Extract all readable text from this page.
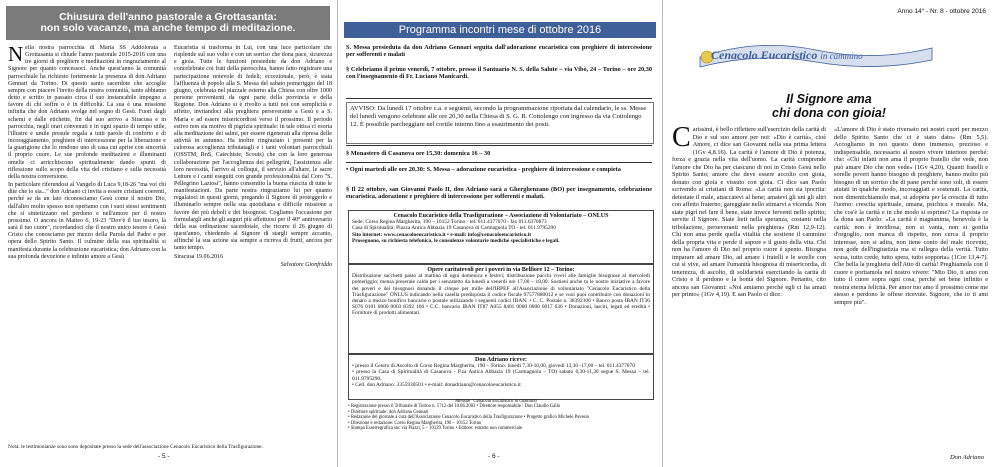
Chiusura dell'anno pastorale a Grottasanta:
non solo vacanze, ma anche tempo di meditazione.

Nella nostra parrocchia di Maria SS Addolorata a Grottasanta si chiude l'anno pastorale 2015-2016 con una tre giorni di preghiere e meditazioni in ringraziamento al Signore per quanto concessoci. Anche quest'anno la comunità parrocchiale ha richiesto fortemente la presenza di don Adriano Gennari da Torino. Di questo santo sacerdote che accoglie sempre con piacere l'invito della nostra comunità, tanto abbiamo detto e scritto in passato circa il suo instancabile impegno a favore di chi soffre o è in difficoltà. La sua è una missione infinita che don Adriano svolge nel segno di Gesù. Fuori dagli schemi e dalle etichette, fin dal suo arrivo a Siracusa e in parrocchia, negli orari convenuti e in ogni spazio di tempo utile, l'illustre e umile presule regala a tutti parole di conforto e di incoraggiamento, preghiere di intercessione per la liberazione e la guarigione che lo rendono uno di casa cui aprire con sincerità il proprio cuore. Le sue profonde meditazioni e illuminanti omelie ci arricchiscono spiritualmente dando spunti di riflessione sullo scopo della vita del cristiano e sulla necessità della nostra conversione.

In particolare riferendosi al Vangelo di Luca 9,18-26 "ma voi chi dite che io sia..." don Adriano ci invita a essere cristiani coerenti, perché se da un lato riconosciamo Gesù come il nostro Dio, dall'altro molto spesso non operiamo con i suoi stessi sentimenti che si sintetizzano nel perdono e nell'amore per il nostro prossimo. O ancora in Matteo 6, 19-23 "Dov'è il tuo tesoro, là sarà il tuo cuore", ricordandoci che il nostro unico tesoro è Gesù Cristo che conosciamo per mezzo della Parola del Padre e per opera dello Spirito Santo. Il culmine della sua spiritualità si manifesta durante la celebrazione eucaristica; don Adriano con la sua profonda devozione e infinito amore a Gesù

Eucaristia si trasforma in Lui, con una luce particolare che risplende sul suo volto e con un sorriso che dona pace, sicurezza e gioia. Tutte le funzioni presiedute da don Adriano e concelebrate coi frati della parrocchia, hanno fatto registrare una partecipazione notevole di fedeli; eccezionale, però, è stata l'affluenza di popolo alla S. Messa del sabato pomeriggio del 18 giugno, celebrata nel piazzale esterno alla Chiesa con oltre 1000 persone provenienti da ogni parte della provincia e della Regione. Don Adriano si è rivolto a tutti noi con semplicità e affetto, invitandoci alla preghiera perseverante a Gesù e a S. Maria e ad essere misericordiosi verso il prossimo. Il periodo estivo non sia motivo di pigrizia spirituale: in tale ottica ci esorta alla meditazione dei salmi, per essere rigenerati alla ripresa delle attività in autunno. Ha inoltre ringraziato i presenti per la calorosa accoglienza tributatagli e i tanti volontari parrocchiali (OSSTM, RnS, Catechiste, Scouts) che con la loro generosa collaborazione per l'accoglienza dei pellegrini, l'assistenza alle loro necessità, l'arrivo al colloqui, il servizio all'altare, le sacre Letture e i canti eseguiti con grande professionalità dal Coro "S. Pellegrino Laziosi", hanno consentito la buona riuscita di tutte le manifestazioni. Da parte nostra ringraziamo lui per quanto regalatoci in questi giorni, pregando il Signore di proteggerlo e illuminarlo sempre nella sua quotidiana e difficile missione a favore dei più deboli e dei bisognosi. Cogliamo l'occasione per formulargli anche gli auguri più affettuosi per il 40° anniversario della sua ordinazione sacerdotale, che ricorre il 26 giugno di quest'anno, chiedendo al Signore di stargli sempre accanto, affinché la sua azione sia sempre a ricreva di frutti, ancora per tanto tempo.

Siracusa 19.06.2016

Salvatore Gionfriddo

Nota: le testimonianze sono sono depositate presso la sede dell'associazione Cenacolo Eucaristico della Trasfigurazione.
- 5 -
Programma incontri mese di ottobre 2016
S. Messa presieduta da don Adriano Gennari seguita dall'adorazione eucaristica con preghiere di intercessione per sofferenti e malati
§ Celebriamo il primo venerdì, 7 ottobre, presso il Santuario N. S. della Salute – via Vibò, 24 – Torino – ore 20,30 con l'insegnamento di Fr. Luciano Manicardi.
AVVISO: Da lunedì 17 ottobre c.a. e seguenti, secondo la programmazione riportata dal calendario, le ss. Messe del lunedì vengono celebrate alle ore 20,30 nella Chiesa di S. G. B. Cottolengo con ingresso da via Cottolengo 12. È possibile parcheggiare nel cortile interno fino a esaurimento dei posti.
§ Monastero di Casanova ore 15,30: domenica 16 – 30
• Ogni martedì alle ore 20,30: S. Messa – adorazione eucaristica - preghiere di intercessione e compieta
§ Il 22 ottobre, san Giovanni Paolo II, don Adriano sarà a Gherghenzano (BO) per insegnamento, celebrazione eucaristica, adorazione e preghiere di intercessione per sofferenti e malati.
Cenacolo Eucaristico della Trasfigurazione – Associazione di Volontariato – ONLUS
Sede: Corso Regina Margherita, 190 – 10152 Torino - tel. 011.4377070 - fax 011.6370873
Casa di Spiritualità: Piazza Antica Abbazia 19 Casanova di Carmagnola TO - tel. 011.9795290
Sito internet: www.cenacoloeucaristico.it • e-mail: info@cenacoloeucaristico.it
Proseguono, su richiesta telefonica, le consulenze volontarie mediche specialistiche e legali.
Opere caritatevoli per i poveri in via Belfiore 12 – Torino:
Distribuzione sacchetti pasto al mattino di ogni domenica e festivi; distribuzione pacchi viveri alle famiglie bisognose al mercoledì pomeriggio; mensa preserale calda per i senzatetto da lunedì a venerdì ore 17,00 – 18,00. Sostieni anche tu le nostre iniziative a favore dei poveri e dei bisognosi donando il cinque per mille dell'IRPEF all'Associazione di volontariato "Cenacolo Eucaristico della Trasfigurazione" ONLUS indicando nella casella predisposta il codice fiscale 97577880012 e se vuoi puoi contribuire con donazioni in denaro a mezzo bonifico bancario o postale utilizzando i seguenti codici IBAN: • C. C. Postale n. 38392106 • Banco posta IBAN IT36 S076 0101 0000 0003 8392 106 • C.C. bancario IBAN IT87 A055 8401 0000 0000 0017 636 • Donazioni, lasciti, legati ed eredità • Forniture di prodotti alimentari.
Don Adriano riceve:
• presso il Centro di Ascolto di Corso Regina Margherita, 190 – Torino: lunedì 7,30-10,00, giovedì 13,30 -17,00 – tel. 011.4377070
• presso la Casa di Spiritualità di Casanova - P.za Antica Abbazia 19 (Carmagnola – TO) sabato 6,30-11,30 segue S. Messa – tel. 011.9795290.
• Cell. don Adriano: 3355930501 • e-mail: donadriano@cenacoloeucaristico.it
Mensile "Cenacolo Eucaristico in cammino"
• Registrazione presso il Tribunale di Torino n. 5712 del 10.06.2003 • Direttore responsabile : Don Claudio Gallo
• Direttore spirituale: don Adriano Gennari
• Redazione del giornale a cura dell'Associazione Cenacolo Eucaristico della Trasfigurazione • Progetto grafico Michele Pavesio
• Direzione e redazione: Corso Regina Margherita, 190 – 10152 Torino
• Stampa Esserregrafica snc via Piazzi, 5 – 10129 Torino • Editore: estratto non commerciale
- 6 -
Anno 14° - Nr. 8 - ottobre 2016
Cenacolo Eucaristico in cammino
Il Signore ama
chi dona con gioia!

Carissimi, è bello riflettere sull'esercizio della carità di Dio e sul suo amore per noi: «Dio è carità», cioè Amore, ci dice san Giovanni nella sua prima lettera (1Gv 4,8.16). La carità è l'amore di Dio è potenza, forza e grazia nella vita dell'uomo. La carità comprende l'amore che Dio ha per ciascuno di noi in Cristo Gesù nello Spirito Santo; amore che deve essere accolto con gioia, donato con gioia e vissuto con gioia. Ci dice san Paolo scrivendo ai cristiani di Roma: «La carità non sia ipocrita: detestate il male, attaccatevi al bene; amatevi gli uni gli altri con affetto fraterno, gareggiate nello stimarvi a vicenda. Non siate pigri nel fare il bene, siate invece ferventi nello spirito; servite il Signore. Siate lieti nella speranza, costanti nella tribolazione, perseveranti nella preghiera» (Rm 12,9-12). Chi non ama perde quella vitalità che sostiene il cammino della propria vita e perde il sapore e il gusto della vita. Chi non ha l'amore di Dio nel proprio cuore è spento. Bisogna imparare ad amare Dio, ad amare i fratelli e le sorelle con cui si vive, ad amare l'umanità bisognosa di misericordia, di tenerezza, di ascolto, di solidarietà esercitando la carità di Cristo e il perdono e la bontà del Signore. Pertanto, cito ancora san Giovanni: «Noi amiamo perché egli ci ha amati per primo» (1Gv 4,19). E san Paolo ci dice:

«L'amore di Dio è stato riversato nei nostri cuori per mezzo dello Spirito Santo che ci è stato dato» (Rm 5,5). Accogliamo in noi questo dono immenso, prezioso e indispensabile, necessario al nostro vivere interiore perché: che: «Chi infatti non ama il proprio fratello che vede, non può amare Dio che non vede» (1Gv 4,20). Quanti fratelli e sorelle poveri hanno bisogno di preghiere, hanno molto più bisogno di un sorriso che di pane perché sono soli, di essere aiutati in qualche modo, incoraggiati e sostenuti. La carità, non dimentichiamolo mai, si adopera per la crescita di tutto l'uomo: crescita spirituale, umana, psichica e morale. Ma, che cos'è la carità e in che modo si esprime? La risposta ce la dona san Paolo: «La carità è magnanima, benevola è la carità; non è invidiosa, non si vanta, non si gonfia d'orgoglio, non manca di rispetto, non cerca il proprio interesse, non si adira, non tiene conto del male ricevuto, non gode dell'ingiustizia ma si rallegra della verità. Tutto scusa, tutto crede, tutto spera, tutto sopporta» (1Cor 13,4-7). Che bella la preghiera dell'Atto di carità! Preghiamola con il cuore e portiamola nel nostro vivere: "Mio Dio, ti amo con tutto il cuore sopra ogni cosa, perché sei bene infinito e nostra eterna felicità. Per amor tuo amo il prossimo come me stesso e perdono le offese ricevute. Signore, che io ti ami sempre più".

Don Adriano
